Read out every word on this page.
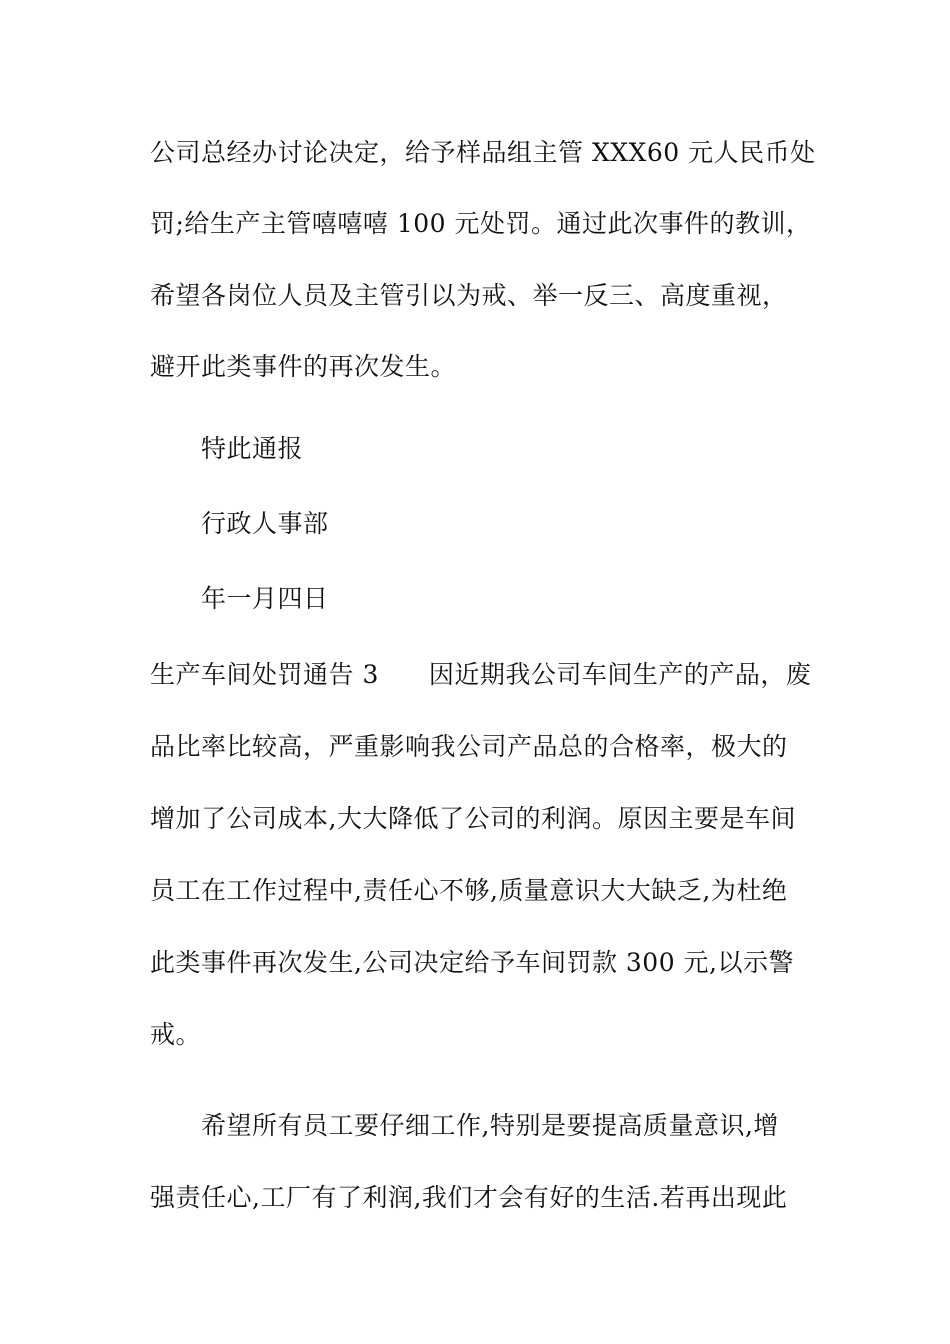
公司总经办讨论决定，给予样品组主管 XXX60 元人民币处
罚;给生产主管嘻嘻嘻 100 元处罚。通过此次事件的教训，
希望各岗位人员及主管引以为戒、举一反三、高度重视，
避开此类事件的再次发生。
特此通报
行政人事部
年一月四日
生产车间处罚通告 3 因近期我公司车间生产的产品，废
品比率比较高，严重影响我公司产品总的合格率，极大的
增加了公司成本,大大降低了公司的利润。原因主要是车间
员工在工作过程中,责任心不够,质量意识大大缺乏,为杜绝
此类事件再次发生,公司决定给予车间罚款 300 元,以示警
戒。
希望所有员工要仔细工作,特别是要提高质量意识,增
强责任心,工厂有了利润,我们才会有好的生活.若再出现此
